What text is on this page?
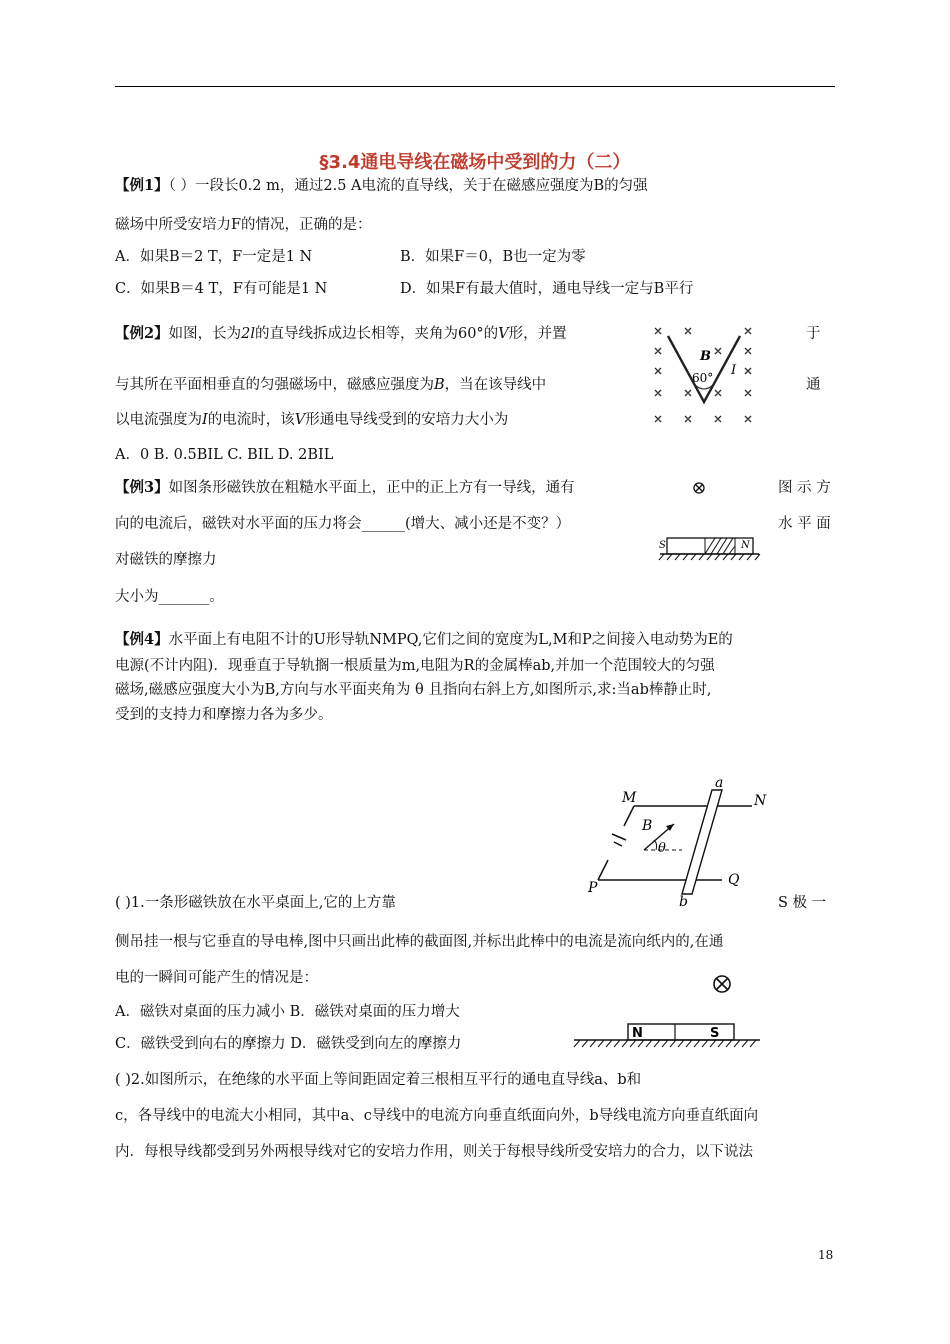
§3.4通电导线在磁场中受到的力（二）
【例1】（ ）一段长0.2 m，通过2.5 A电流的直导线，关于在磁感应强度为B的匀强
磁场中所受安培力F的情况，正确的是：
A．如果B＝2 T，F一定是1 N	B．如果F＝0，B也一定为零
C．如果B＝4 T，F有可能是1 N	D．如果F有最大值时，通电导线一定与B平行
【例2】如图，长为2l的直导线拆成边长相等，夹角为60°的V形，并置	于
与其所在平面相垂直的匀强磁场中，磁感应强度为B，当在该导线中	通
以电流强度为I的电流时，该V形通电导线受到的安培力大小为
A．0 B. 0.5BIL C. BIL D. 2BIL
B
60° I
【例3】如图条形磁铁放在粗糙水平面上，正中的正上方有一导线，通有	图 示 方
向的电流后，磁铁对水平面的压力将会______(增大、减小还是不变？）	水 平 面
对磁铁的摩擦力
大小为_______。
S	N
【例4】水平面上有电阻不计的U形导轨NMPQ,它们之间的宽度为L,M和P之间接入电动势为E的
电源(不计内阻)．现垂直于导轨搁一根质量为m,电阻为R的金属棒ab,并加一个范围较大的匀强
磁场,磁感应强度大小为B,方向与水平面夹角为 θ 且指向右斜上方,如图所示,求:当ab棒静止时,
受到的支持力和摩擦力各为多少。
M	N
P	Q
a
b
B
θ
( )1.一条形磁铁放在水平桌面上,它的上方靠	S 极 一
侧吊挂一根与它垂直的导电棒,图中只画出此棒的截面图,并标出此棒中的电流是流向纸内的,在通
电的一瞬间可能产生的情况是：
A．磁铁对桌面的压力减小 B．磁铁对桌面的压力增大
C．磁铁受到向右的摩擦力 D．磁铁受到向左的摩擦力
N	S
( )2.如图所示，在绝缘的水平面上等间距固定着三根相互平行的通电直导线a、b和
c，各导线中的电流大小相同，其中a、c导线中的电流方向垂直纸面向外，b导线电流方向垂直纸面向
内．每根导线都受到另外两根导线对它的安培力作用，则关于每根导线所受安培力的合力，以下说法
18
